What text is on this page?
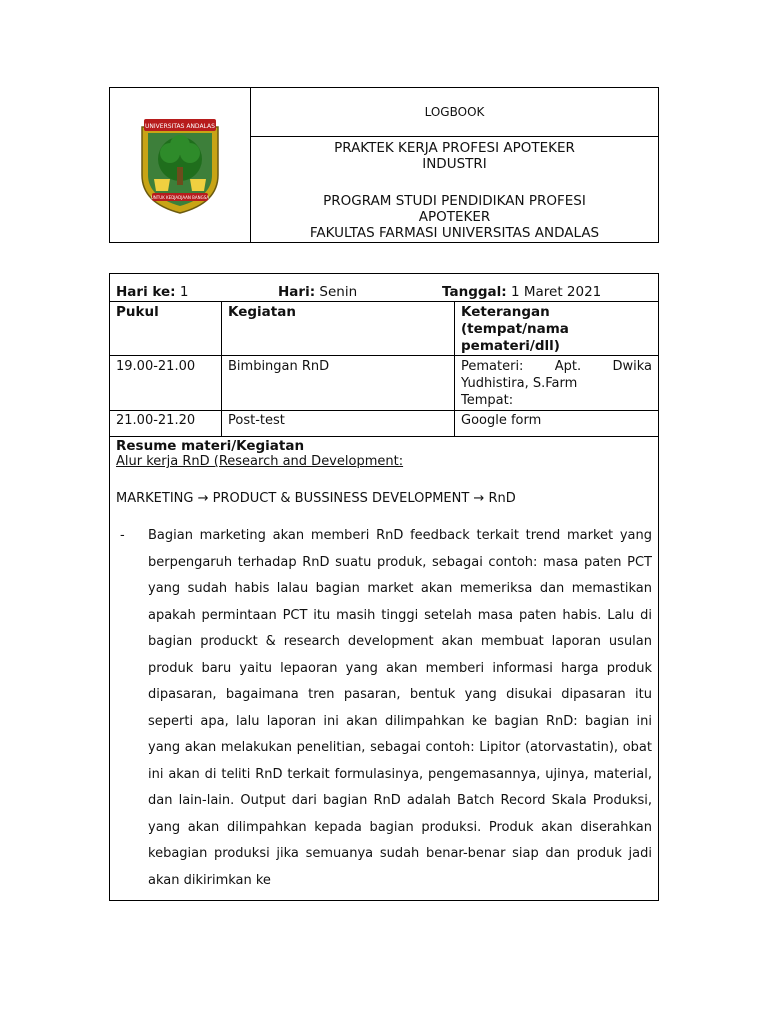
UNIVERSITAS ANDALAS
UNTUK KEDJADJAAN BANGSA
LOGBOOK
PRAKTEK KERJA PROFESI APOTEKER
INDUSTRI
PROGRAM STUDI PENDIDIKAN PROFESI
APOTEKER
FAKULTAS FARMASI UNIVERSITAS ANDALAS
Hari ke: 1	Hari: Senin	Tanggal: 1 Maret 2021
Pukul	Kegiatan	Keterangan (tempat/nama pemateri/dll)
19.00-21.00	Bimbingan RnD	Pemateri: Apt. Dwika
Yudhistira, S.Farm
Tempat:
21.00-21.20	Post-test	Google form
Resume materi/Kegiatan
Alur kerja RnD (Research and Development:
MARKETING → PRODUCT & BUSSINESS DEVELOPMENT → RnD
-	Bagian marketing akan memberi RnD feedback terkait trend market yang berpengaruh terhadap RnD suatu produk, sebagai contoh: masa paten PCT yang sudah habis lalau bagian market akan memeriksa dan memastikan apakah permintaan PCT itu masih tinggi setelah masa paten habis. Lalu di bagian produckt & research development akan membuat laporan usulan produk baru yaitu lepaoran yang akan memberi informasi harga produk dipasaran, bagaimana tren pasaran, bentuk yang disukai dipasaran itu seperti apa, lalu laporan ini akan dilimpahkan ke bagian RnD: bagian ini yang akan melakukan penelitian, sebagai contoh: Lipitor (atorvastatin), obat ini akan di teliti RnD terkait formulasinya, pengemasannya, ujinya, material, dan lain-lain. Output dari bagian RnD adalah Batch Record Skala Produksi, yang akan dilimpahkan kepada bagian produksi. Produk akan diserahkan kebagian produksi jika semuanya sudah benar-benar siap dan produk jadi akan dikirimkan ke
